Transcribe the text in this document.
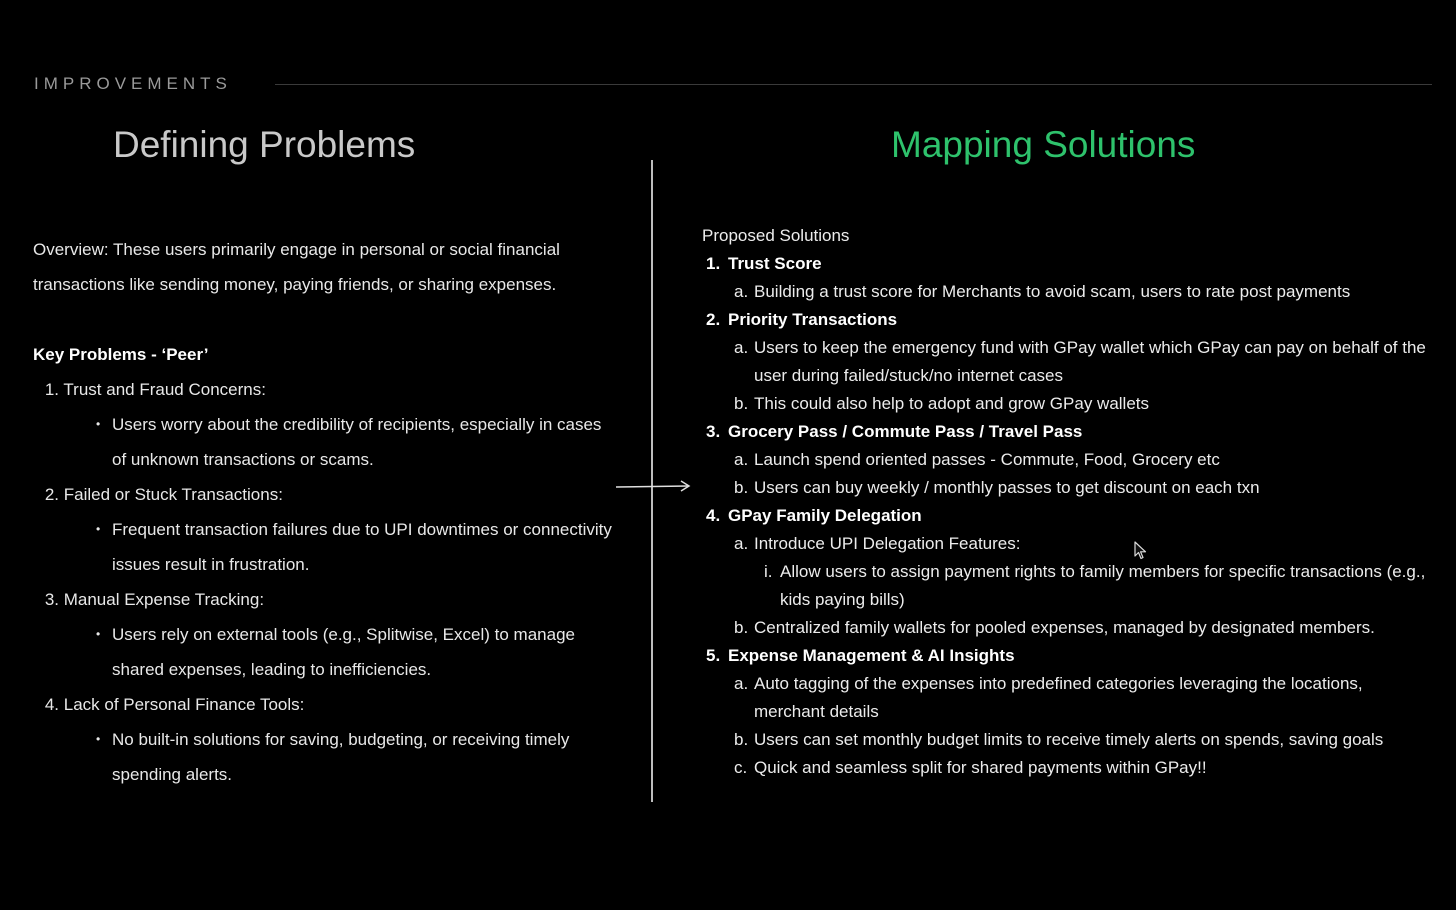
IMPROVEMENTS
Defining Problems	Mapping Solutions

Overview: These users primarily engage in personal or social financial transactions like sending money, paying friends, or sharing expenses.

Key Problems - ‘Peer’
1. Trust and Fraud Concerns:
• Users worry about the credibility of recipients, especially in cases of unknown transactions or scams.
2. Failed or Stuck Transactions:
• Frequent transaction failures due to UPI downtimes or connectivity issues result in frustration.
3. Manual Expense Tracking:
• Users rely on external tools (e.g., Splitwise, Excel) to manage shared expenses, leading to inefficiencies.
4. Lack of Personal Finance Tools:
• No built-in solutions for saving, budgeting, or receiving timely spending alerts.
Proposed Solutions
1. Trust Score
a. Building a trust score for Merchants to avoid scam, users to rate post payments
2. Priority Transactions
a. Users to keep the emergency fund with GPay wallet which GPay can pay on behalf of the user during failed/stuck/no internet cases
b. This could also help to adopt and grow GPay wallets
3. Grocery Pass / Commute Pass / Travel Pass
a. Launch spend oriented passes - Commute, Food, Grocery etc
b. Users can buy weekly / monthly passes to get discount on each txn
4. GPay Family Delegation
a. Introduce UPI Delegation Features:
i. Allow users to assign payment rights to family members for specific transactions (e.g., kids paying bills)
b. Centralized family wallets for pooled expenses, managed by designated members.
5. Expense Management & AI Insights
a. Auto tagging of the expenses into predefined categories leveraging the locations, merchant details
b. Users can set monthly budget limits to receive timely alerts on spends, saving goals
c. Quick and seamless split for shared payments within GPay!!
